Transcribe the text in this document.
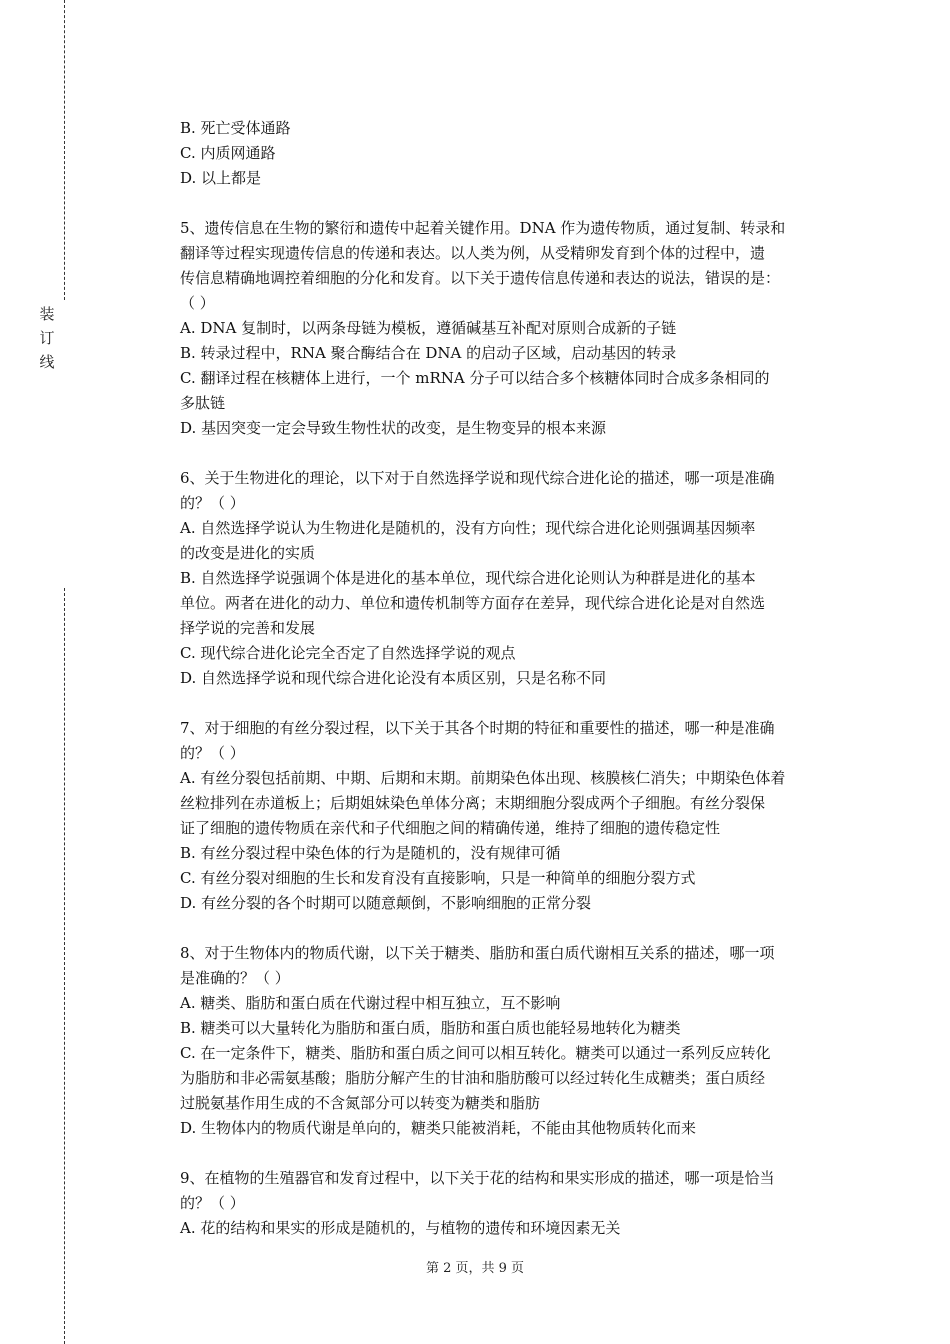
装
订
线
B. 死亡受体通路
C. 内质网通路
D. 以上都是
5、遗传信息在生物的繁衍和遗传中起着关键作用。DNA 作为遗传物质，通过复制、转录和
翻译等过程实现遗传信息的传递和表达。以人类为例，从受精卵发育到个体的过程中，遗
传信息精确地调控着细胞的分化和发育。以下关于遗传信息传递和表达的说法，错误的是：
（ ）
A. DNA 复制时，以两条母链为模板，遵循碱基互补配对原则合成新的子链
B. 转录过程中，RNA 聚合酶结合在 DNA 的启动子区域，启动基因的转录
C. 翻译过程在核糖体上进行，一个 mRNA 分子可以结合多个核糖体同时合成多条相同的
多肽链
D. 基因突变一定会导致生物性状的改变，是生物变异的根本来源
6、关于生物进化的理论，以下对于自然选择学说和现代综合进化论的描述，哪一项是准确
的？（ ）
A. 自然选择学说认为生物进化是随机的，没有方向性；现代综合进化论则强调基因频率
的改变是进化的实质
B. 自然选择学说强调个体是进化的基本单位，现代综合进化论则认为种群是进化的基本
单位。两者在进化的动力、单位和遗传机制等方面存在差异，现代综合进化论是对自然选
择学说的完善和发展
C. 现代综合进化论完全否定了自然选择学说的观点
D. 自然选择学说和现代综合进化论没有本质区别，只是名称不同
7、对于细胞的有丝分裂过程，以下关于其各个时期的特征和重要性的描述，哪一种是准确
的？（ ）
A. 有丝分裂包括前期、中期、后期和末期。前期染色体出现、核膜核仁消失；中期染色体着
丝粒排列在赤道板上；后期姐妹染色单体分离；末期细胞分裂成两个子细胞。有丝分裂保
证了细胞的遗传物质在亲代和子代细胞之间的精确传递，维持了细胞的遗传稳定性
B. 有丝分裂过程中染色体的行为是随机的，没有规律可循
C. 有丝分裂对细胞的生长和发育没有直接影响，只是一种简单的细胞分裂方式
D. 有丝分裂的各个时期可以随意颠倒，不影响细胞的正常分裂
8、对于生物体内的物质代谢，以下关于糖类、脂肪和蛋白质代谢相互关系的描述，哪一项
是准确的？（ ）
A. 糖类、脂肪和蛋白质在代谢过程中相互独立，互不影响
B. 糖类可以大量转化为脂肪和蛋白质，脂肪和蛋白质也能轻易地转化为糖类
C. 在一定条件下，糖类、脂肪和蛋白质之间可以相互转化。糖类可以通过一系列反应转化
为脂肪和非必需氨基酸；脂肪分解产生的甘油和脂肪酸可以经过转化生成糖类；蛋白质经
过脱氨基作用生成的不含氮部分可以转变为糖类和脂肪
D. 生物体内的物质代谢是单向的，糖类只能被消耗，不能由其他物质转化而来
9、在植物的生殖器官和发育过程中，以下关于花的结构和果实形成的描述，哪一项是恰当
的？（ ）
A. 花的结构和果实的形成是随机的，与植物的遗传和环境因素无关
第 2 页，共 9 页
